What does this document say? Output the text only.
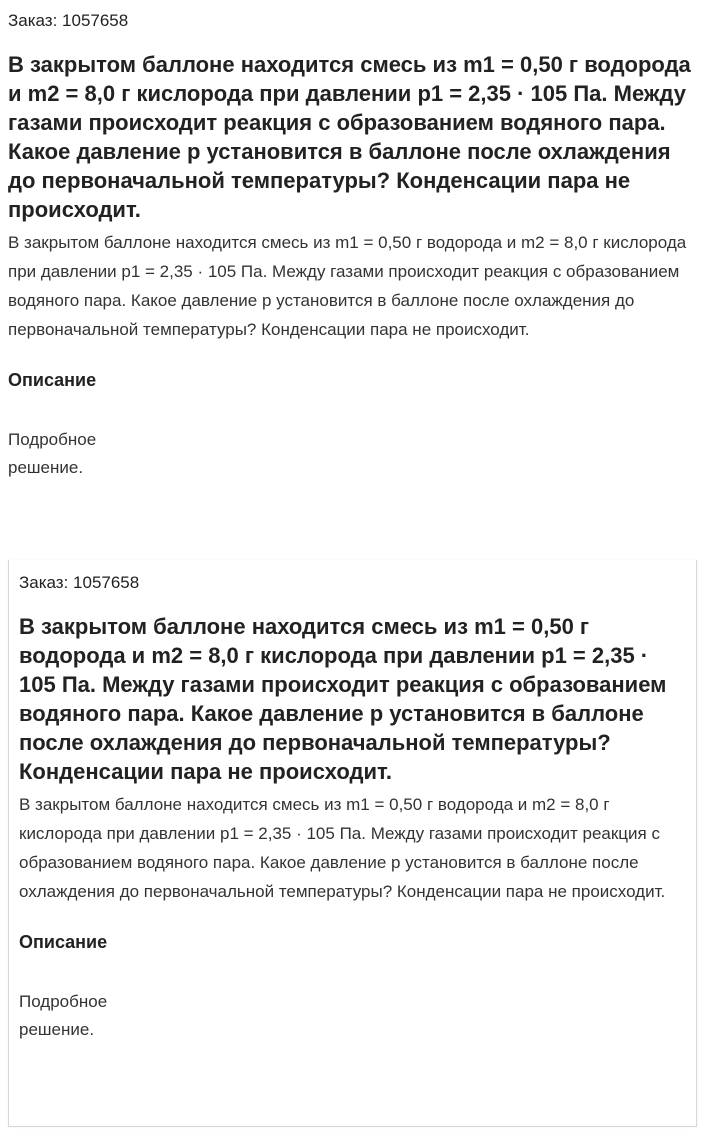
Заказ: 1057658

В закрытом баллоне находится смесь из m1 = 0,50 г водорода и m2 = 8,0 г кислорода при давлении p1 = 2,35 · 105 Па. Между газами происходит реакция с образованием водяного пара. Какое давление p установится в баллоне после охлаждения до первоначальной температуры? Конденсации пара не происходит.

В закрытом баллоне находится смесь из m1 = 0,50 г водорода и m2 = 8,0 г кислорода при давлении p1 = 2,35 · 105 Па. Между газами происходит реакция с образованием водяного пара. Какое давление p установится в баллоне после охлаждения до первоначальной температуры? Конденсации пара не происходит.

Описание

Подробное решение.

Заказ: 1057658

В закрытом баллоне находится смесь из m1 = 0,50 г водорода и m2 = 8,0 г кислорода при давлении p1 = 2,35 · 105 Па. Между газами происходит реакция с образованием водяного пара. Какое давление p установится в баллоне после охлаждения до первоначальной температуры? Конденсации пара не происходит.

В закрытом баллоне находится смесь из m1 = 0,50 г водорода и m2 = 8,0 г кислорода при давлении p1 = 2,35 · 105 Па. Между газами происходит реакция с образованием водяного пара. Какое давление p установится в баллоне после охлаждения до первоначальной температуры? Конденсации пара не происходит.

Описание

Подробное решение.
